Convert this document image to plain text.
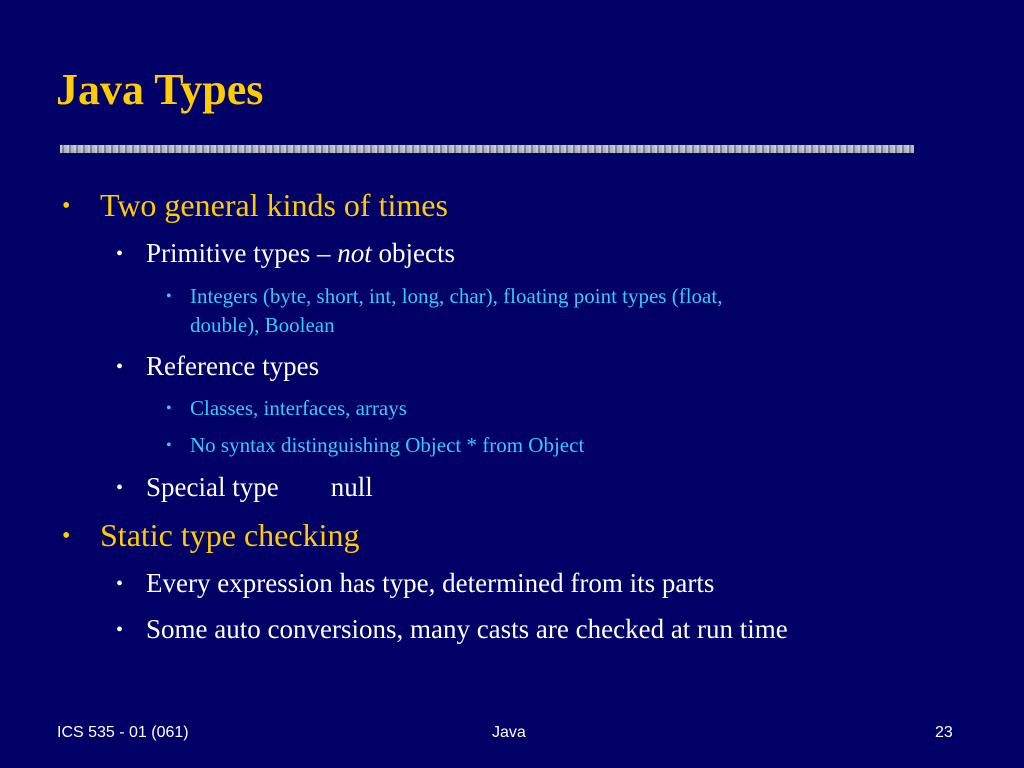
Java Types
• Two general kinds of times
• Primitive types – not objects
• Integers (byte, short, int, long, char), floating point types (float,
double), Boolean
• Reference types
• Classes, interfaces, arrays
• No syntax distinguishing Object * from Object
• Special type null
• Static type checking
• Every expression has type, determined from its parts
• Some auto conversions, many casts are checked at run time
ICS 535 - 01 (061)	Java	23
